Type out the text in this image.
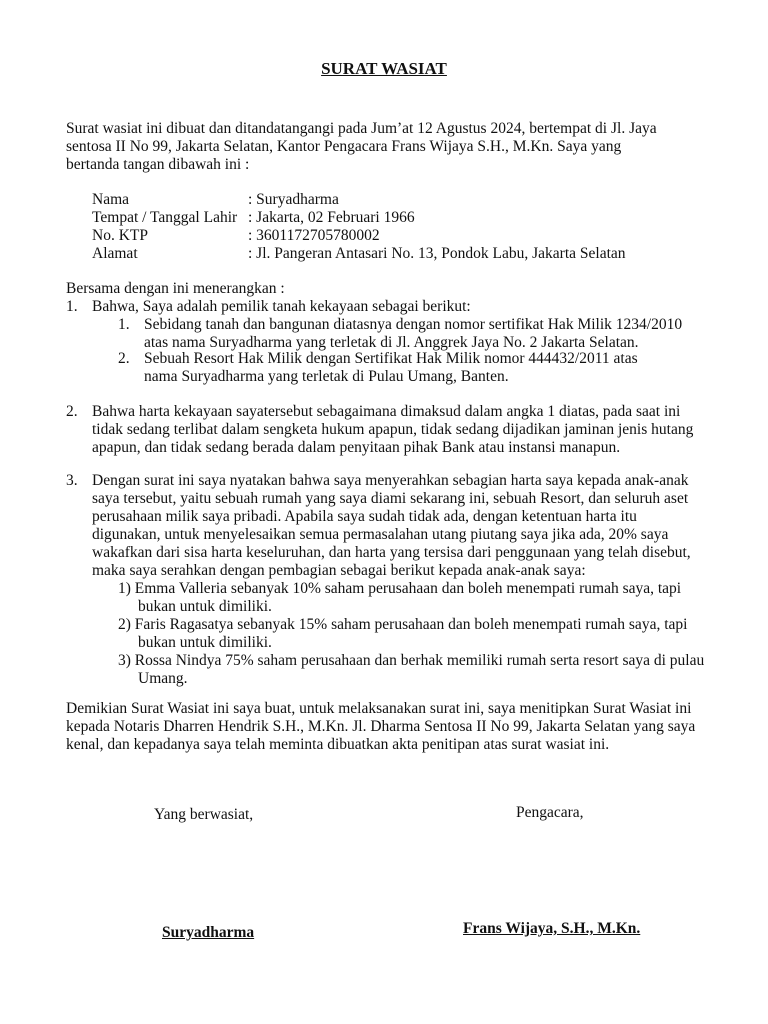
SURAT WASIAT
Surat wasiat ini dibuat dan ditandatangangi pada Jum’at 12 Agustus 2024, bertempat di Jl. Jaya
sentosa II No 99, Jakarta Selatan, Kantor Pengacara Frans Wijaya S.H., M.Kn. Saya yang
bertanda tangan dibawah ini :
Nama	: Suryadharma
Tempat / Tanggal Lahir : Jakarta, 02 Februari 1966
No. KTP	: 3601172705780002
Alamat	: Jl. Pangeran Antasari No. 13, Pondok Labu, Jakarta Selatan
Bersama dengan ini menerangkan :
1. Bahwa, Saya adalah pemilik tanah kekayaan sebagai berikut:
1. Sebidang tanah dan bangunan diatasnya dengan nomor sertifikat Hak Milik 1234/2010
atas nama Suryadharma yang terletak di Jl. Anggrek Jaya No. 2 Jakarta Selatan.
2. Sebuah Resort Hak Milik dengan Sertifikat Hak Milik nomor 444432/2011 atas
nama Suryadharma yang terletak di Pulau Umang, Banten.
2. Bahwa harta kekayaan sayatersebut sebagaimana dimaksud dalam angka 1 diatas, pada saat ini
tidak sedang terlibat dalam sengketa hukum apapun, tidak sedang dijadikan jaminan jenis hutang
apapun, dan tidak sedang berada dalam penyitaan pihak Bank atau instansi manapun.
3. Dengan surat ini saya nyatakan bahwa saya menyerahkan sebagian harta saya kepada anak-anak
saya tersebut, yaitu sebuah rumah yang saya diami sekarang ini, sebuah Resort, dan seluruh aset
perusahaan milik saya pribadi. Apabila saya sudah tidak ada, dengan ketentuan harta itu
digunakan, untuk menyelesaikan semua permasalahan utang piutang saya jika ada, 20% saya
wakafkan dari sisa harta keseluruhan, dan harta yang tersisa dari penggunaan yang telah disebut,
maka saya serahkan dengan pembagian sebagai berikut kepada anak-anak saya:
1) Emma Valleria sebanyak 10% saham perusahaan dan boleh menempati rumah saya, tapi
bukan untuk dimiliki.
2) Faris Ragasatya sebanyak 15% saham perusahaan dan boleh menempati rumah saya, tapi
bukan untuk dimiliki.
3) Rossa Nindya 75% saham perusahaan dan berhak memiliki rumah serta resort saya di pulau
Umang.
Demikian Surat Wasiat ini saya buat, untuk melaksanakan surat ini, saya menitipkan Surat Wasiat ini
kepada Notaris Dharren Hendrik S.H., M.Kn. Jl. Dharma Sentosa II No 99, Jakarta Selatan yang saya
kenal, dan kepadanya saya telah meminta dibuatkan akta penitipan atas surat wasiat ini.
Yang berwasiat,	Pengacara,
Suryadharma	Frans Wijaya, S.H., M.Kn.
